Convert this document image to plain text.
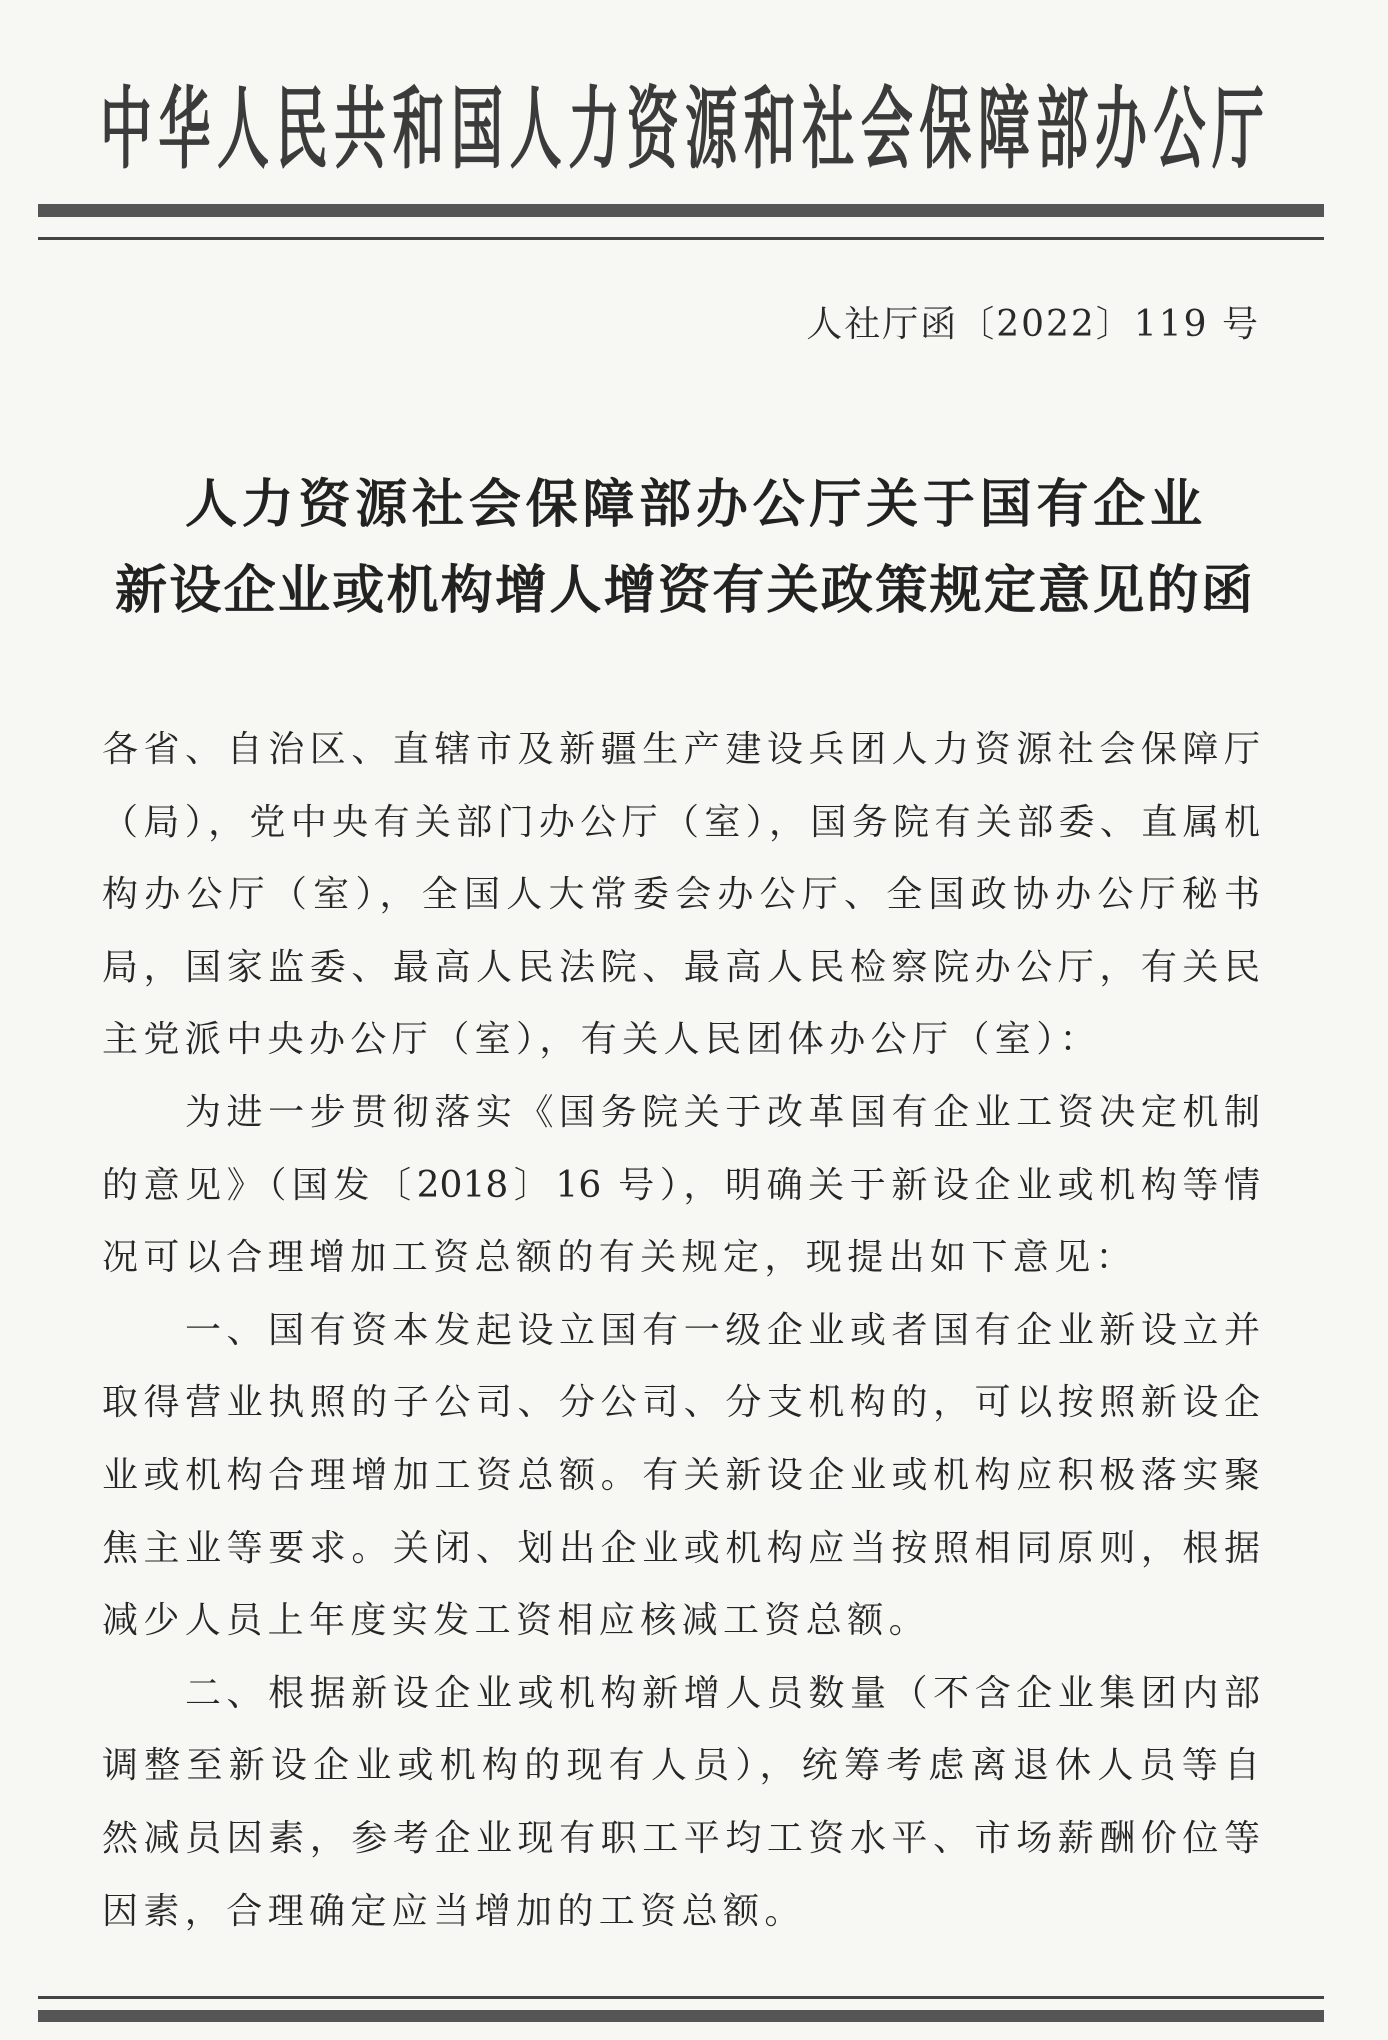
中华人民共和国人力资源和社会保障部办公厅
人社厅函〔2022〕119 号
人力资源社会保障部办公厅关于国有企业
新设企业或机构增人增资有关政策规定意见的函
各省、自治区、直辖市及新疆生产建设兵团人力资源社会保障厅
（局），党中央有关部门办公厅（室），国务院有关部委、直属机
构办公厅（室），全国人大常委会办公厅、全国政协办公厅秘书
局，国家监委、最高人民法院、最高人民检察院办公厅，有关民
主党派中央办公厅（室），有关人民团体办公厅（室）：
为进一步贯彻落实《国务院关于改革国有企业工资决定机制
的意见》（国发〔2018〕16 号），明确关于新设企业或机构等情
况可以合理增加工资总额的有关规定，现提出如下意见：
一、国有资本发起设立国有一级企业或者国有企业新设立并
取得营业执照的子公司、分公司、分支机构的，可以按照新设企
业或机构合理增加工资总额。有关新设企业或机构应积极落实聚
焦主业等要求。关闭、划出企业或机构应当按照相同原则，根据
减少人员上年度实发工资相应核减工资总额。
二、根据新设企业或机构新增人员数量（不含企业集团内部
调整至新设企业或机构的现有人员），统筹考虑离退休人员等自
然减员因素，参考企业现有职工平均工资水平、市场薪酬价位等
因素，合理确定应当增加的工资总额。
